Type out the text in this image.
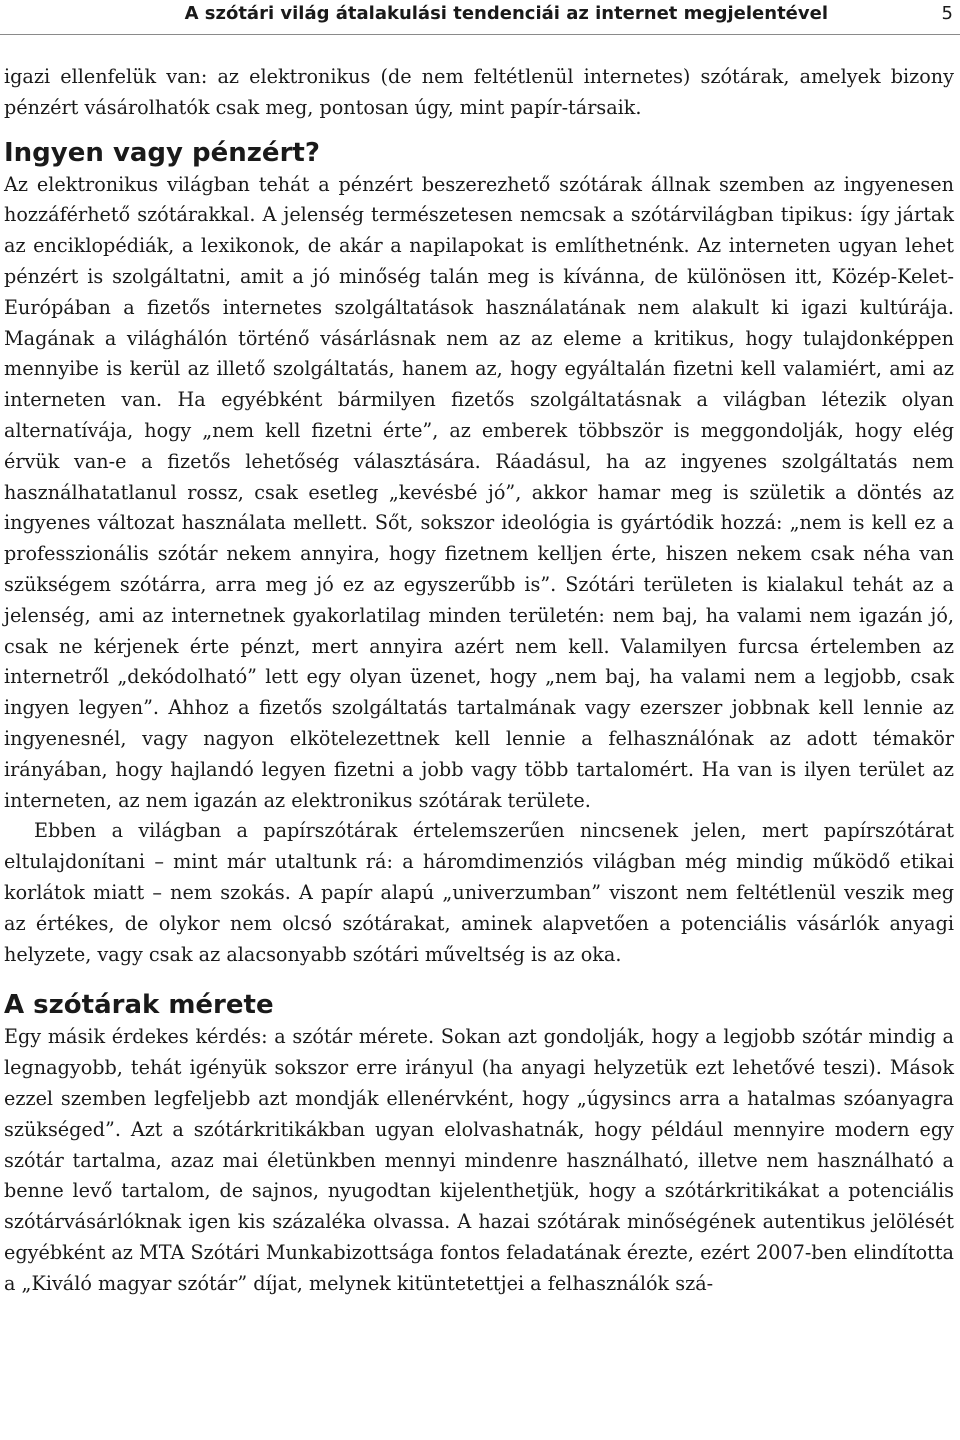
A szótári világ átalakulási tendenciái az internet megjelentével	5

igazi ellenfelük van: az elektronikus (de nem feltétlenül internetes) szótárak, amelyek bizony pénzért vásárolhatók csak meg, pontosan úgy, mint papír-társaik.

Ingyen vagy pénzért?

Az elektronikus világban tehát a pénzért beszerezhető szótárak állnak szemben az ingyenesen hozzáférhető szótárakkal. A jelenség természetesen nemcsak a szótárvilágban tipikus: így jártak az enciklopédiák, a lexikonok, de akár a napilapokat is említhetnénk. Az interneten ugyan lehet pénzért is szolgáltatni, amit a jó minőség talán meg is kívánna, de különösen itt, Közép-Kelet-Európában a fizetős internetes szolgáltatások használatának nem alakult ki igazi kultúrája. Magának a világhálón történő vásárlásnak nem az az eleme a kritikus, hogy tulajdonképpen mennyibe is kerül az illető szolgáltatás, hanem az, hogy egyáltalán fizetni kell valamiért, ami az interneten van. Ha egyébként bármilyen fizetős szolgáltatásnak a világban létezik olyan alternatívája, hogy „nem kell fizetni érte”, az emberek többször is meggondolják, hogy elég érvük van-e a fizetős lehetőség választására. Ráadásul, ha az ingyenes szolgáltatás nem használhatatlanul rossz, csak esetleg „kevésbé jó”, akkor hamar meg is születik a döntés az ingyenes változat használata mellett. Sőt, sokszor ideológia is gyártódik hozzá: „nem is kell ez a professzionális szótár nekem annyira, hogy fizetnem kelljen érte, hiszen nekem csak néha van szükségem szótárra, arra meg jó ez az egyszerűbb is”. Szótári területen is kialakul tehát az a jelenség, ami az internetnek gyakorlatilag minden területén: nem baj, ha valami nem igazán jó, csak ne kérjenek érte pénzt, mert annyira azért nem kell. Valamilyen furcsa értelemben az internetről „dekódolható” lett egy olyan üzenet, hogy „nem baj, ha valami nem a legjobb, csak ingyen legyen”. Ahhoz a fizetős szolgáltatás tartalmának vagy ezerszer jobbnak kell lennie az ingyenesnél, vagy nagyon elkötelezettnek kell lennie a felhasználónak az adott témakör irányában, hogy hajlandó legyen fizetni a jobb vagy több tartalomért. Ha van is ilyen terület az interneten, az nem igazán az elektronikus szótárak területe.

Ebben a világban a papírszótárak értelemszerűen nincsenek jelen, mert papírszótárat eltulajdonítani – mint már utaltunk rá: a háromdimenziós világban még mindig működő etikai korlátok miatt – nem szokás. A papír alapú „univerzumban” viszont nem feltétlenül veszik meg az értékes, de olykor nem olcsó szótárakat, aminek alapvetően a potenciális vásárlók anyagi helyzete, vagy csak az alacsonyabb szótári műveltség is az oka.

A szótárak mérete

Egy másik érdekes kérdés: a szótár mérete. Sokan azt gondolják, hogy a legjobb szótár mindig a legnagyobb, tehát igényük sokszor erre irányul (ha anyagi helyzetük ezt lehetővé teszi). Mások ezzel szemben legfeljebb azt mondják ellenérvként, hogy „úgysincs arra a hatalmas szóanyagra szükséged”. Azt a szótárkritikákban ugyan elolvashatnák, hogy például mennyire modern egy szótár tartalma, azaz mai életünkben mennyi mindenre használható, illetve nem használható a benne levő tartalom, de sajnos, nyugodtan kijelenthetjük, hogy a szótárkritikákat a potenciális szótárvásárlóknak igen kis százaléka olvassa. A hazai szótárak minőségének autentikus jelölését egyébként az MTA Szótári Munkabizottsága fontos feladatának érezte, ezért 2007-ben elindította a „Kiváló magyar szótár” díjat, melynek kitüntetettjei a felhasználók szá-
